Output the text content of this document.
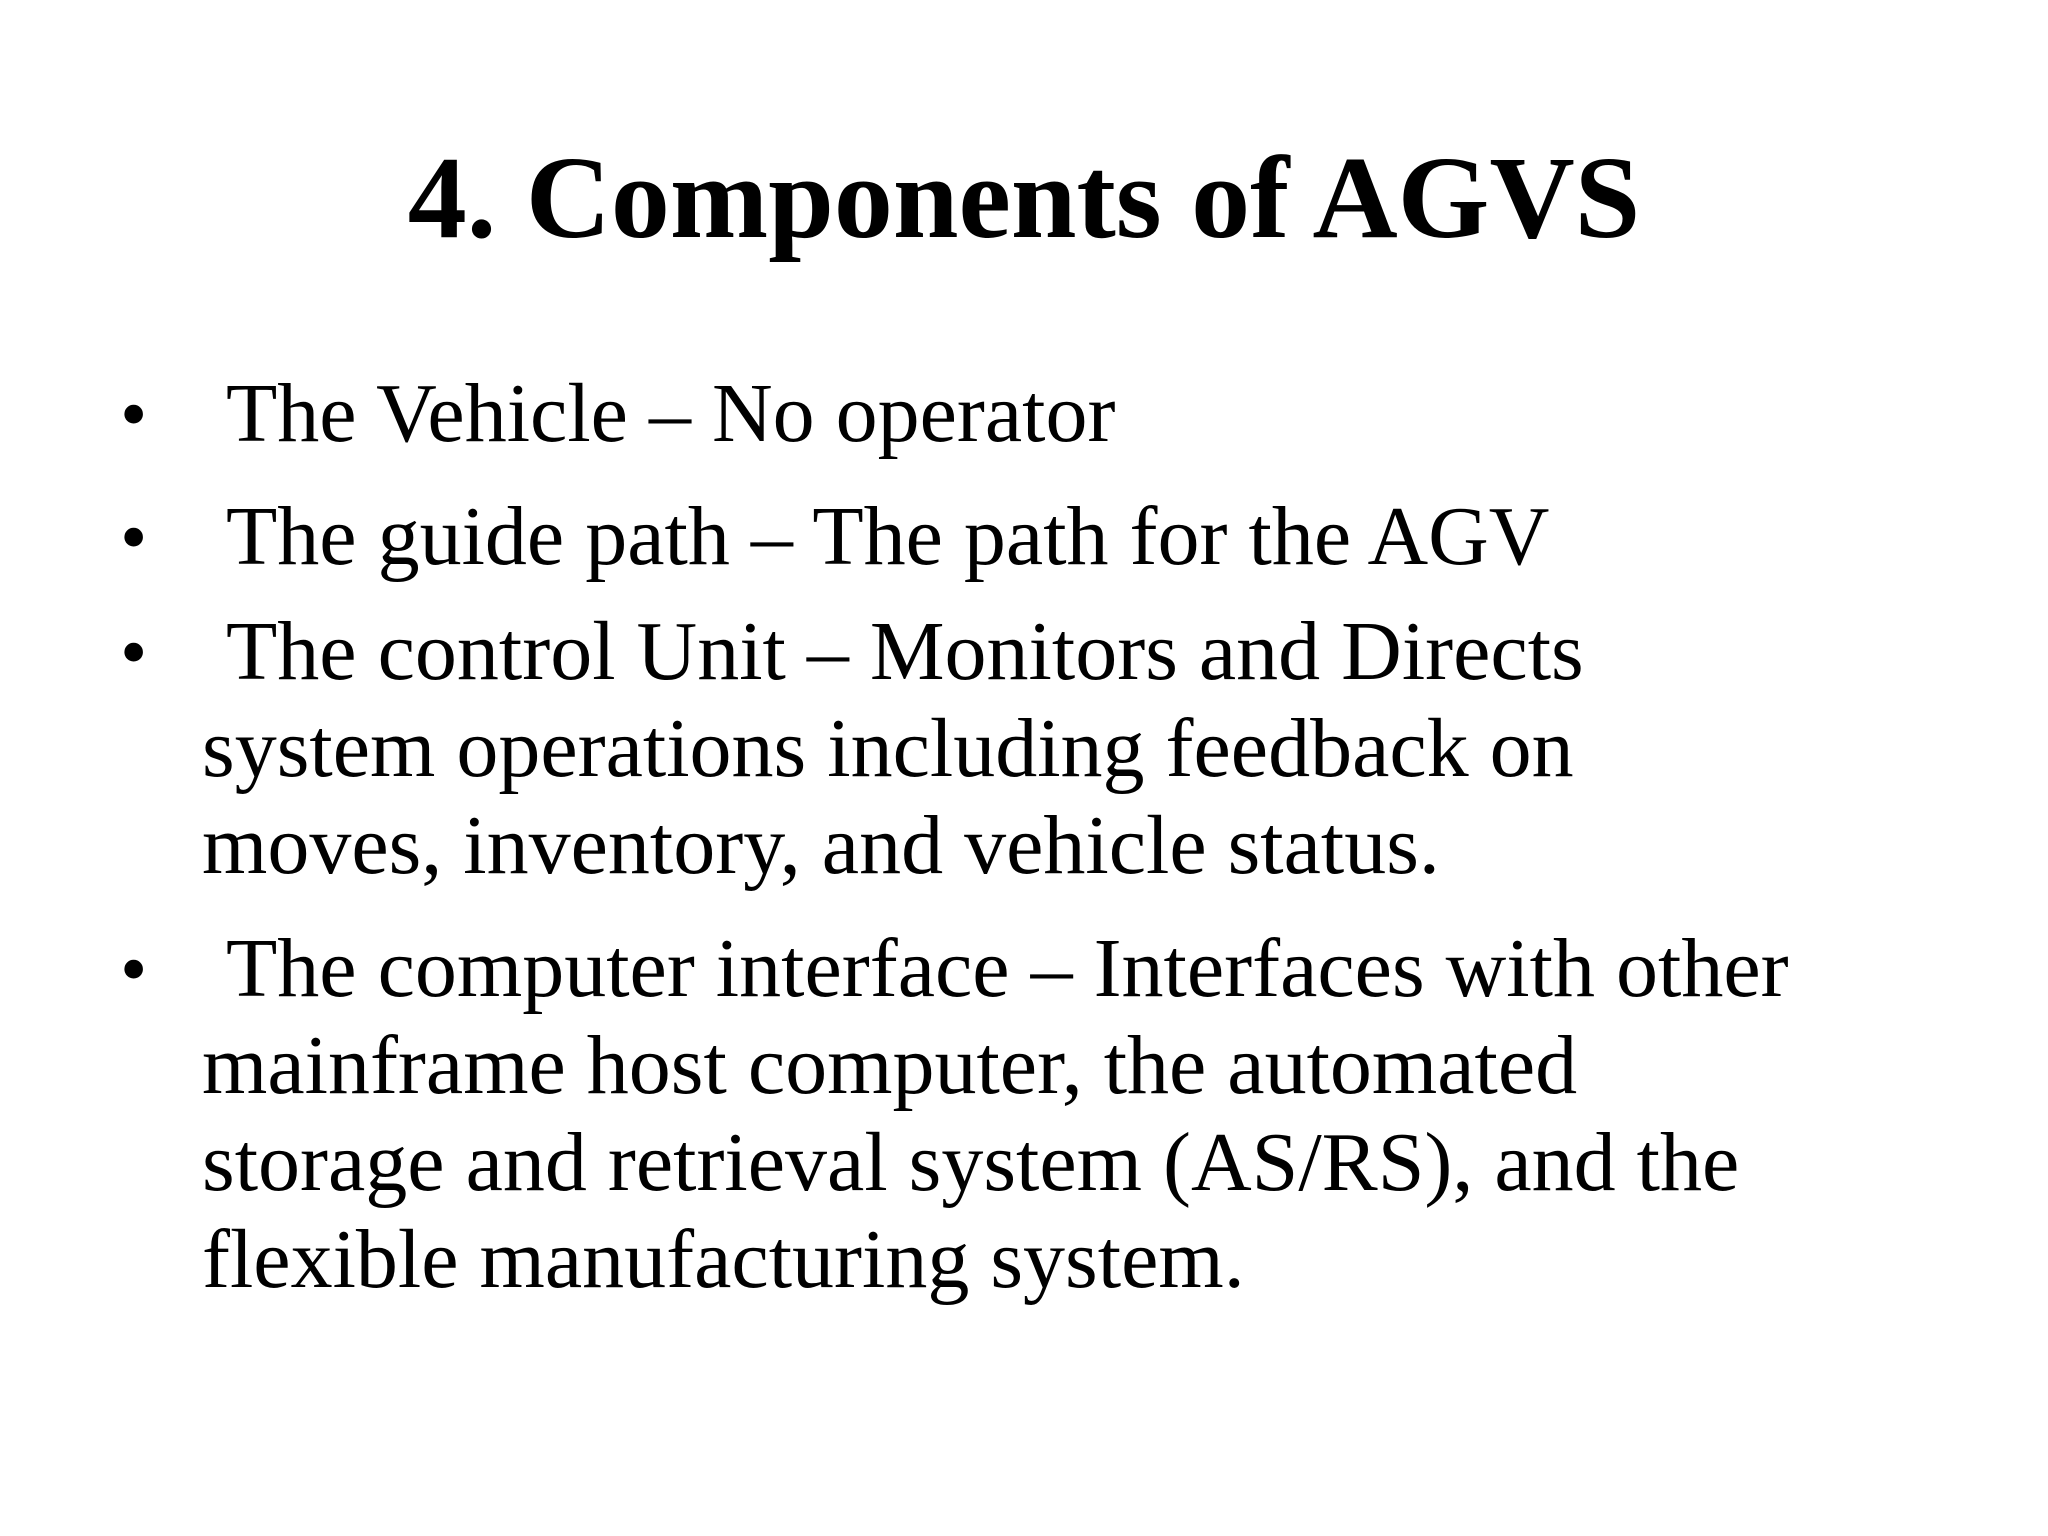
4. Components of AGVS
• The Vehicle – No operator
• The guide path – The path for the AGV
• The control Unit – Monitors and Directs
system operations including feedback on
moves, inventory, and vehicle status.
• The computer interface – Interfaces with other
mainframe host computer, the automated
storage and retrieval system (AS/RS), and the
flexible manufacturing system.
